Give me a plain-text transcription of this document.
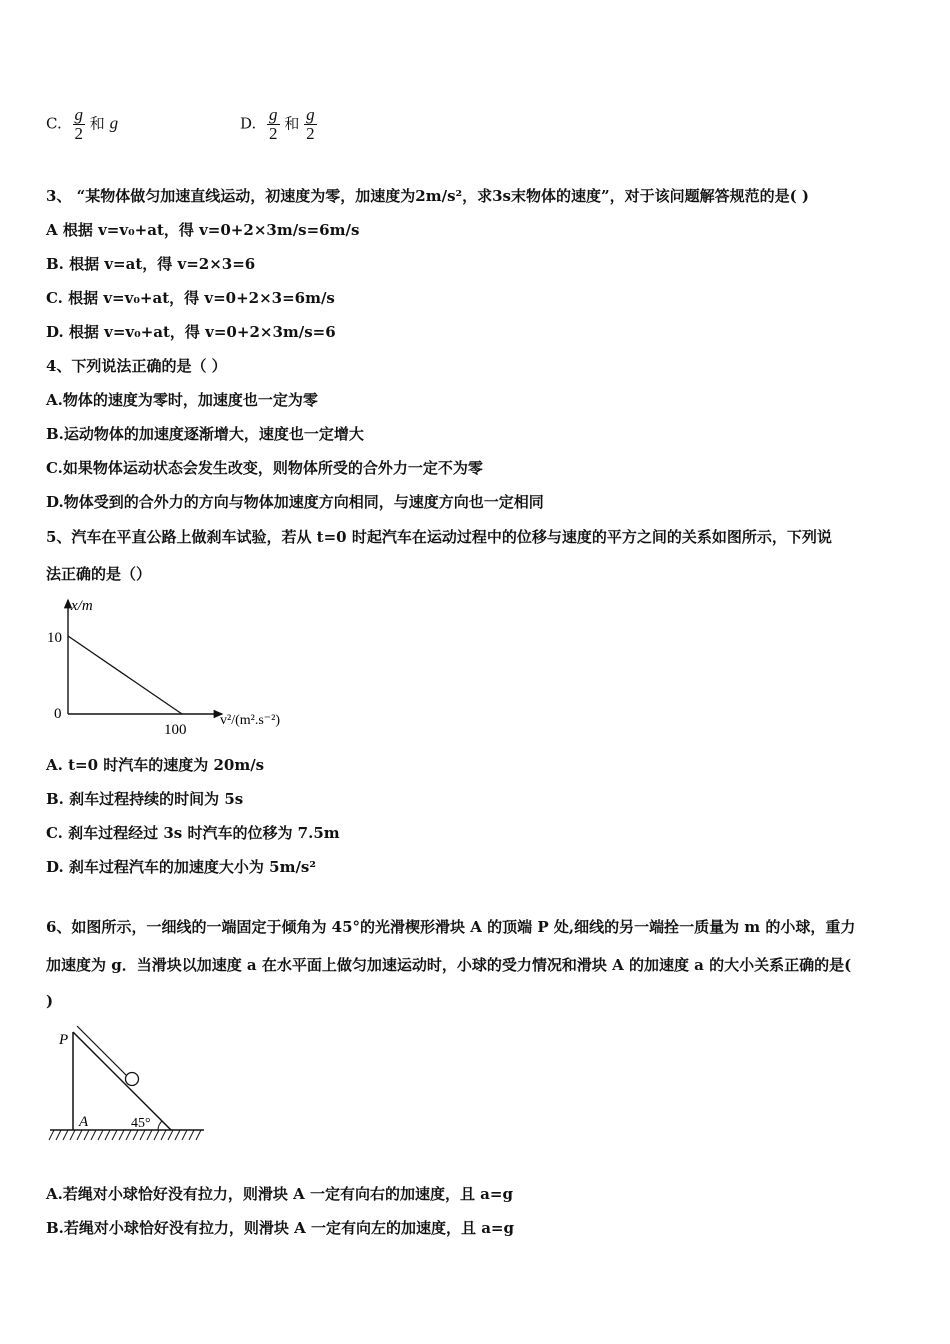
C. $\frac{g}{2}$ 和 g	D. $\frac{g}{2}$ 和 $\frac{g}{2}$
3、 “某物体做匀加速直线运动，初速度为零，加速度为2m/s²，求3s末物体的速度”，对于该问题解答规范的是( )
A 根据 v=v₀+at，得 v=0+2×3m/s=6m/s
B. 根据 v=at，得 v=2×3=6
C. 根据 v=v₀+at，得 v=0+2×3=6m/s
D. 根据 v=v₀+at，得 v=0+2×3m/s=6
4、下列说法正确的是（ ）
A.物体的速度为零时，加速度也一定为零
B.运动物体的加速度逐渐增大，速度也一定增大
C.如果物体运动状态会发生改变，则物体所受的合外力一定不为零
D.物体受到的合外力的方向与物体加速度方向相同，与速度方向也一定相同
5、汽车在平直公路上做刹车试验，若从 t=0 时起汽车在运动过程中的位移与速度的平方之间的关系如图所示，下列说
法正确的是（）
x/m
10
0
100
v²/(m².s⁻²)
A. t=0 时汽车的速度为 20m/s
B. 刹车过程持续的时间为 5s
C. 刹车过程经过 3s 时汽车的位移为 7.5m
D. 刹车过程汽车的加速度大小为 5m/s²
6、如图所示，一细线的一端固定于倾角为 45°的光滑楔形滑块 A 的顶端 P 处,细线的另一端拴一质量为 m 的小球，重力
加速度为 g．当滑块以加速度 a 在水平面上做匀加速运动时，小球的受力情况和滑块 A 的加速度 a 的大小关系正确的是(
)
P
A	45°
A.若绳对小球恰好没有拉力，则滑块 A 一定有向右的加速度，且 a=g
B.若绳对小球恰好没有拉力，则滑块 A 一定有向左的加速度，且 a=g
